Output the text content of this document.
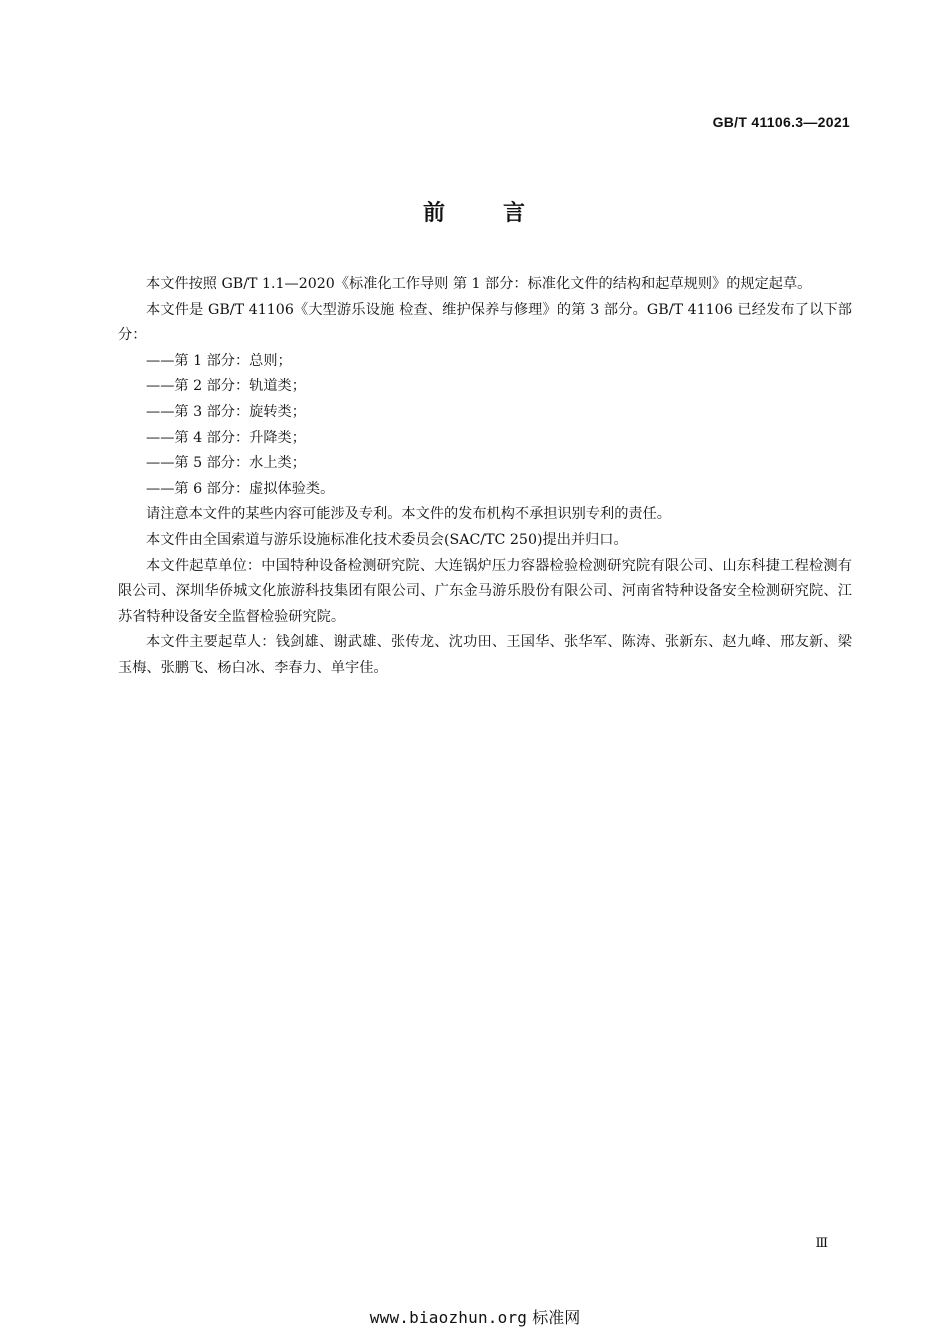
GB/T 41106.3—2021
前	言

本文件按照 GB/T 1.1—2020《标准化工作导则 第 1 部分：标准化文件的结构和起草规则》的规定起草。

本文件是 GB/T 41106《大型游乐设施 检查、维护保养与修理》的第 3 部分。GB/T 41106 已经发布了以下部分：

——第 1 部分：总则；

——第 2 部分：轨道类；

——第 3 部分：旋转类；

——第 4 部分：升降类；

——第 5 部分：水上类；

——第 6 部分：虚拟体验类。

请注意本文件的某些内容可能涉及专利。本文件的发布机构不承担识别专利的责任。

本文件由全国索道与游乐设施标准化技术委员会(SAC/TC 250)提出并归口。

本文件起草单位：中国特种设备检测研究院、大连锅炉压力容器检验检测研究院有限公司、山东科捷工程检测有限公司、深圳华侨城文化旅游科技集团有限公司、广东金马游乐股份有限公司、河南省特种设备安全检测研究院、江苏省特种设备安全监督检验研究院。

本文件主要起草人：钱剑雄、谢武雄、张传龙、沈功田、王国华、张华军、陈涛、张新东、赵九峰、邢友新、梁玉梅、张鹏飞、杨白冰、李春力、单宇佳。

Ⅲ
www.biaozhun.org 标准网
